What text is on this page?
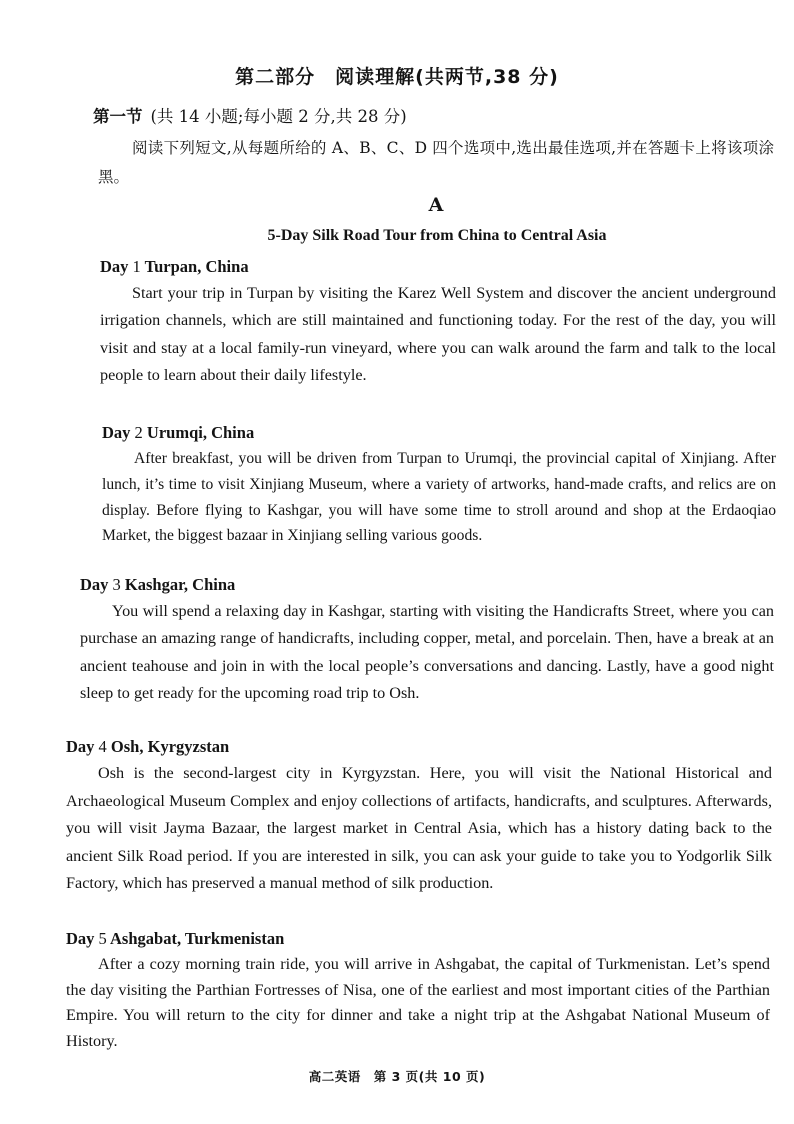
第二部分　阅读理解(共两节,38 分)
第一节 (共 14 小题;每小题 2 分,共 28 分)
阅读下列短文,从每题所给的 A、B、C、D 四个选项中,选出最佳选项,并在答题卡上将该项涂黑。
A
5-Day Silk Road Tour from China to Central Asia
Day 1 Turpan, China

Start your trip in Turpan by visiting the Karez Well System and discover the ancient underground irrigation channels, which are still maintained and functioning today. For the rest of the day, you will visit and stay at a local family-run vineyard, where you can walk around the farm and talk to the local people to learn about their daily lifestyle.

Day 2 Urumqi, China

After breakfast, you will be driven from Turpan to Urumqi, the provincial capital of Xinjiang. After lunch, it’s time to visit Xinjiang Museum, where a variety of artworks, hand-made crafts, and relics are on display. Before flying to Kashgar, you will have some time to stroll around and shop at the Erdaoqiao Market, the biggest bazaar in Xinjiang selling various goods.

Day 3 Kashgar, China

You will spend a relaxing day in Kashgar, starting with visiting the Handicrafts Street, where you can purchase an amazing range of handicrafts, including copper, metal, and porcelain. Then, have a break at an ancient teahouse and join in with the local people’s conversations and dancing. Lastly, have a good night sleep to get ready for the upcoming road trip to Osh.

Day 4 Osh, Kyrgyzstan

Osh is the second-largest city in Kyrgyzstan. Here, you will visit the National Historical and Archaeological Museum Complex and enjoy collections of artifacts, handicrafts, and sculptures. Afterwards, you will visit Jayma Bazaar, the largest market in Central Asia, which has a history dating back to the ancient Silk Road period. If you are interested in silk, you can ask your guide to take you to Yodgorlik Silk Factory, which has preserved a manual method of silk production.

Day 5 Ashgabat, Turkmenistan

After a cozy morning train ride, you will arrive in Ashgabat, the capital of Turkmenistan. Let’s spend the day visiting the Parthian Fortresses of Nisa, one of the earliest and most important cities of the Parthian Empire. You will return to the city for dinner and take a night trip at the Ashgabat National Museum of History.

高二英语　第 3 页(共 10 页)
